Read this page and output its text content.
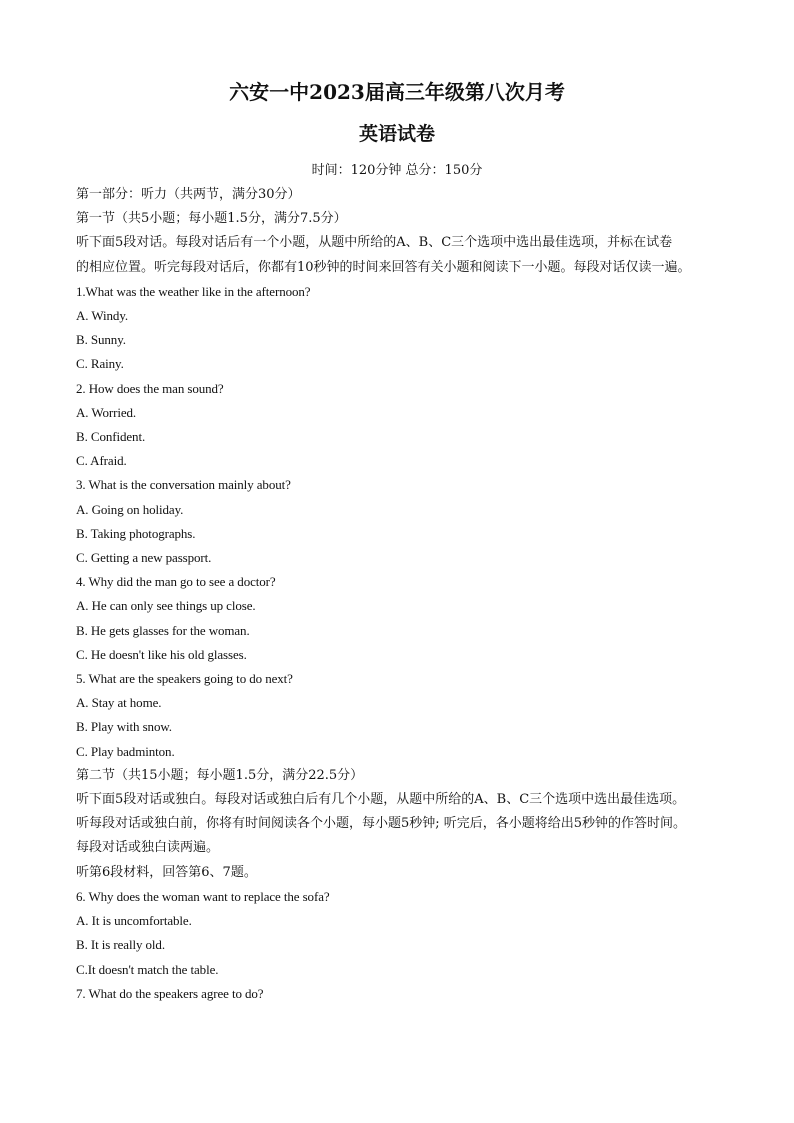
六安一中2023届高三年级第八次月考
英语试卷
时间：120分钟 总分：150分
第一部分：听力（共两节，满分30分）
第一节（共5小题；每小题1.5分，满分7.5分）
听下面5段对话。每段对话后有一个小题，从题中所给的A、B、C三个选项中选出最佳选项，并标在试卷
的相应位置。听完每段对话后，你都有10秒钟的时间来回答有关小题和阅读下一小题。每段对话仅读一遍。
1.What was the weather like in the afternoon?
A. Windy.
B. Sunny.
C. Rainy.
2. How does the man sound?
A. Worried.
B. Confident.
C. Afraid.
3. What is the conversation mainly about?
A. Going on holiday.
B. Taking photographs.
C. Getting a new passport.
4. Why did the man go to see a doctor?
A. He can only see things up close.
B. He gets glasses for the woman.
C. He doesn't like his old glasses.
5. What are the speakers going to do next?
A. Stay at home.
B. Play with snow.
C. Play badminton.
第二节（共15小题；每小题1.5分，满分22.5分）
听下面5段对话或独白。每段对话或独白后有几个小题，从题中所给的A、B、C三个选项中选出最佳选项。
听每段对话或独白前，你将有时间阅读各个小题，每小题5秒钟; 听完后，各小题将给出5秒钟的作答时间。
每段对话或独白读两遍。
听第6段材料，回答第6、7题。
6. Why does the woman want to replace the sofa?
A. It is uncomfortable.
B. It is really old.
C.It doesn't match the table.
7. What do the speakers agree to do?
